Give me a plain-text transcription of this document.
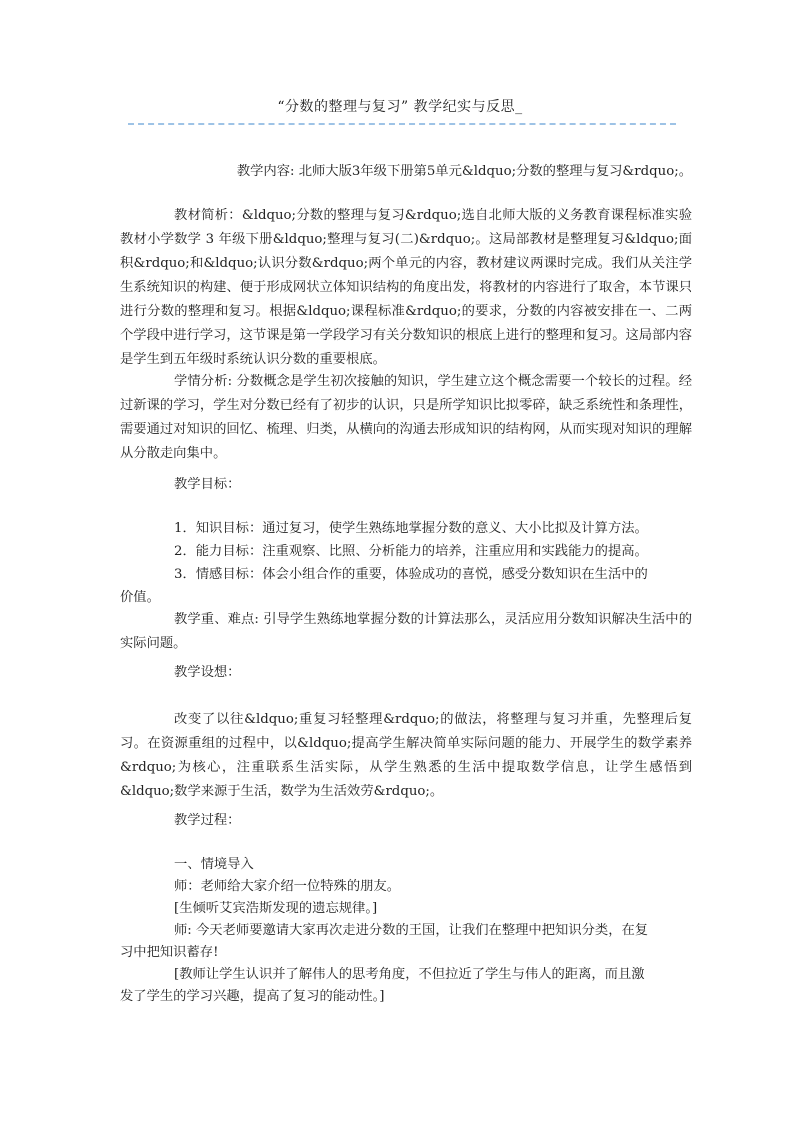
“分数的整理与复习” 教学纪实与反思_

教学内容: 北师大版3年级下册第5单元&ldquo;分数的整理与复习&rdquo;。

教材简析：&ldquo;分数的整理与复习&rdquo;选自北师大版的义务教育课程标准实验教材小学数学 3 年级下册&ldquo;整理与复习(二)&rdquo;。这局部教材是整理复习&ldquo;面积&rdquo;和&ldquo;认识分数&rdquo;两个单元的内容，教材建议两课时完成。我们从关注学生系统知识的构建、便于形成网状立体知识结构的角度出发，将教材的内容进行了取舍，本节课只进行分数的整理和复习。根据&ldquo;课程标准&rdquo;的要求，分数的内容被安排在一、二两个学段中进行学习，这节课是第一学段学习有关分数知识的根底上进行的整理和复习。这局部内容是学生到五年级时系统认识分数的重要根底。

学情分析: 分数概念是学生初次接触的知识，学生建立这个概念需要一个较长的过程。经过新课的学习，学生对分数已经有了初步的认识，只是所学知识比拟零碎，缺乏系统性和条理性，需要通过对知识的回忆、梳理、归类，从横向的沟通去形成知识的结构网，从而实现对知识的理解从分散走向集中。

教学目标：
1．知识目标：通过复习，使学生熟练地掌握分数的意义、大小比拟及计算方法。
2．能力目标：注重观察、比照、分析能力的培养，注重应用和实践能力的提高。
3．情感目标：体会小组合作的重要，体验成功的喜悦，感受分数知识在生活中的
价值。

教学重、难点: 引导学生熟练地掌握分数的计算法那么，灵活应用分数知识解决生活中的实际问题。

教学设想：

改变了以往&ldquo;重复习轻整理&rdquo;的做法，将整理与复习并重，先整理后复习。在资源重组的过程中，以&ldquo;提高学生解决简单实际问题的能力、开展学生的数学素养&rdquo;为核心，注重联系生活实际，从学生熟悉的生活中提取数学信息，让学生感悟到&ldquo;数学来源于生活，数学为生活效劳&rdquo;。

教学过程：
一、情境导入
师：老师给大家介绍一位特殊的朋友。
[生倾听艾宾浩斯发现的遗忘规律。]
师: 今天老师要邀请大家再次走进分数的王国，让我们在整理中把知识分类，在复
习中把知识蓄存!
[教师让学生认识并了解伟人的思考角度，不但拉近了学生与伟人的距离，而且激
发了学生的学习兴趣，提高了复习的能动性。]
